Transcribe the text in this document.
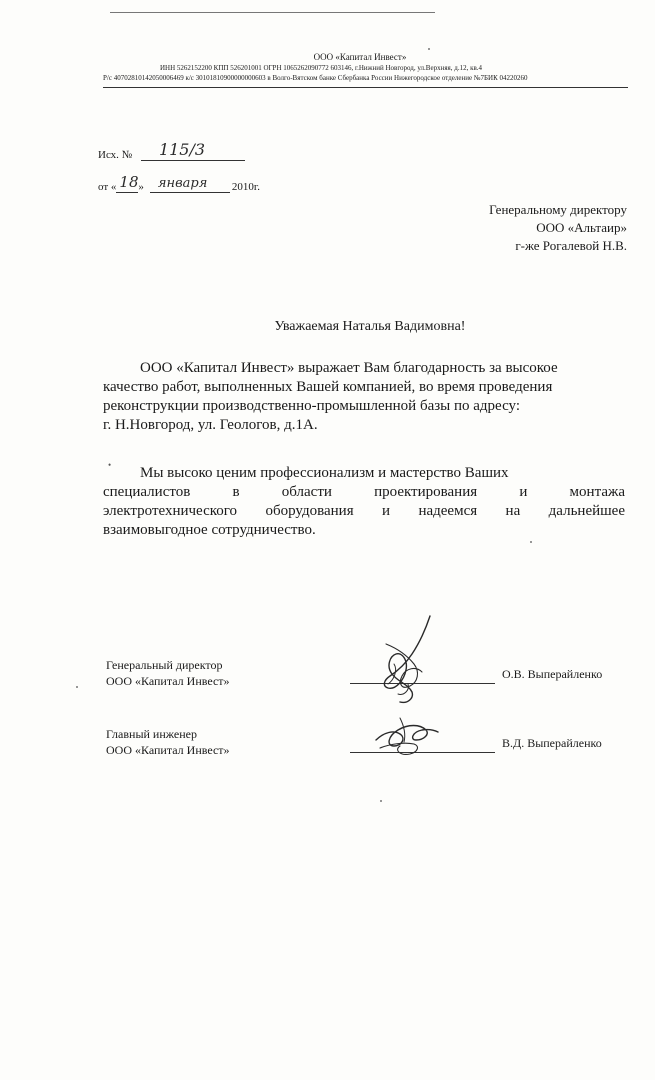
ООО «Капитал Инвест»
ИНН 5262152200 КПП 526201001 ОГРН 1065262090772 603146, г.Нижний Новгород, ул.Верхняя, д.12, кв.4
Р/с 40702810142050006469 к/с 30101810900000000603 в Волго-Вятском банке Сбербанка России Нижегородское отделение №7БИК 04220260
Исх. № 115/3
от « 18 » января 2010г.
Генеральному директору
ООО «Альтаир»
г-же Рогалевой Н.В.
Уважаемая Наталья Вадимовна!
ООО «Капитал Инвест» выражает Вам благодарность за высокое
качество работ, выполненных Вашей компанией, во время проведения
реконструкции производственно-промышленной базы по адресу:
г. Н.Новгород, ул. Геологов, д.1А.
•	Мы высоко ценим профессионализм и мастерство Ваших
специалистов в области проектирования и монтажа
электротехнического оборудования и надеемся на дальнейшее
взаимовыгодное сотрудничество.
Генеральный директор
ООО «Капитал Инвест»	О.В. Выперайленко
Главный инженер
ООО «Капитал Инвест»	В.Д. Выперайленко
